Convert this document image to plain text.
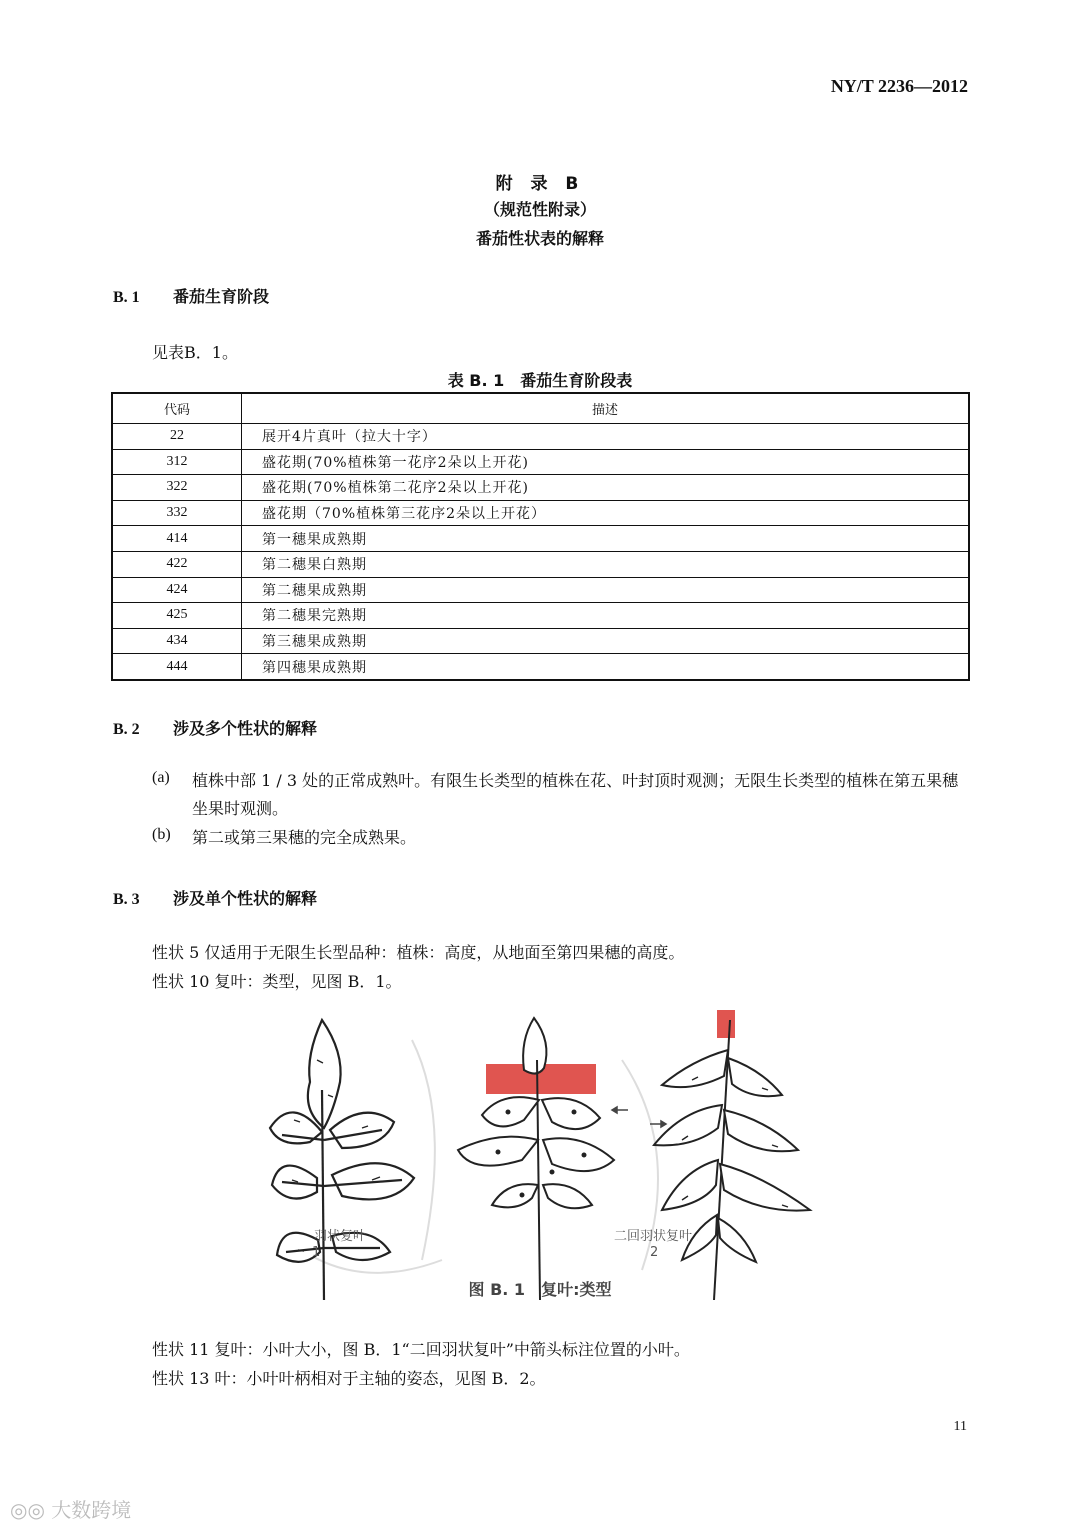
NY/T 2236—2012
附 录 B
（规范性附录）
番茄性状表的解释
B. 1 番茄生育阶段
见表B．1。
表 B. 1　番茄生育阶段表
代码	描述
22	展开4片真叶（拉大十字）
312	盛花期(70%植株第一花序2朵以上开花)
322	盛花期(70%植株第二花序2朵以上开花)
332	盛花期（70%植株第三花序2朵以上开花）
414	第一穗果成熟期
422	第二穗果白熟期
424	第二穗果成熟期
425	第二穗果完熟期
434	第三穗果成熟期
444	第四穗果成熟期
B. 2 涉及多个性状的解释
(a) 植株中部 1 / 3 处的正常成熟叶。有限生长类型的植株在花、叶封顶时观测；无限生长类型的植株在第五果穗坐果时观测。
(b) 第二或第三果穗的完全成熟果。
B. 3 涉及单个性状的解释
性状 5 仅适用于无限生长型品种：植株：高度，从地面至第四果穗的高度。
性状 10 复叶：类型，见图 B．1。
羽状复叶
1
二回羽状复叶
2
图 B. 1　复叶:类型
性状 11 复叶：小叶大小，图 B．1“二回羽状复叶”中箭头标注位置的小叶。
性状 13 叶：小叶叶柄相对于主轴的姿态，见图 B．2。
11
◎◎ 大数跨境
